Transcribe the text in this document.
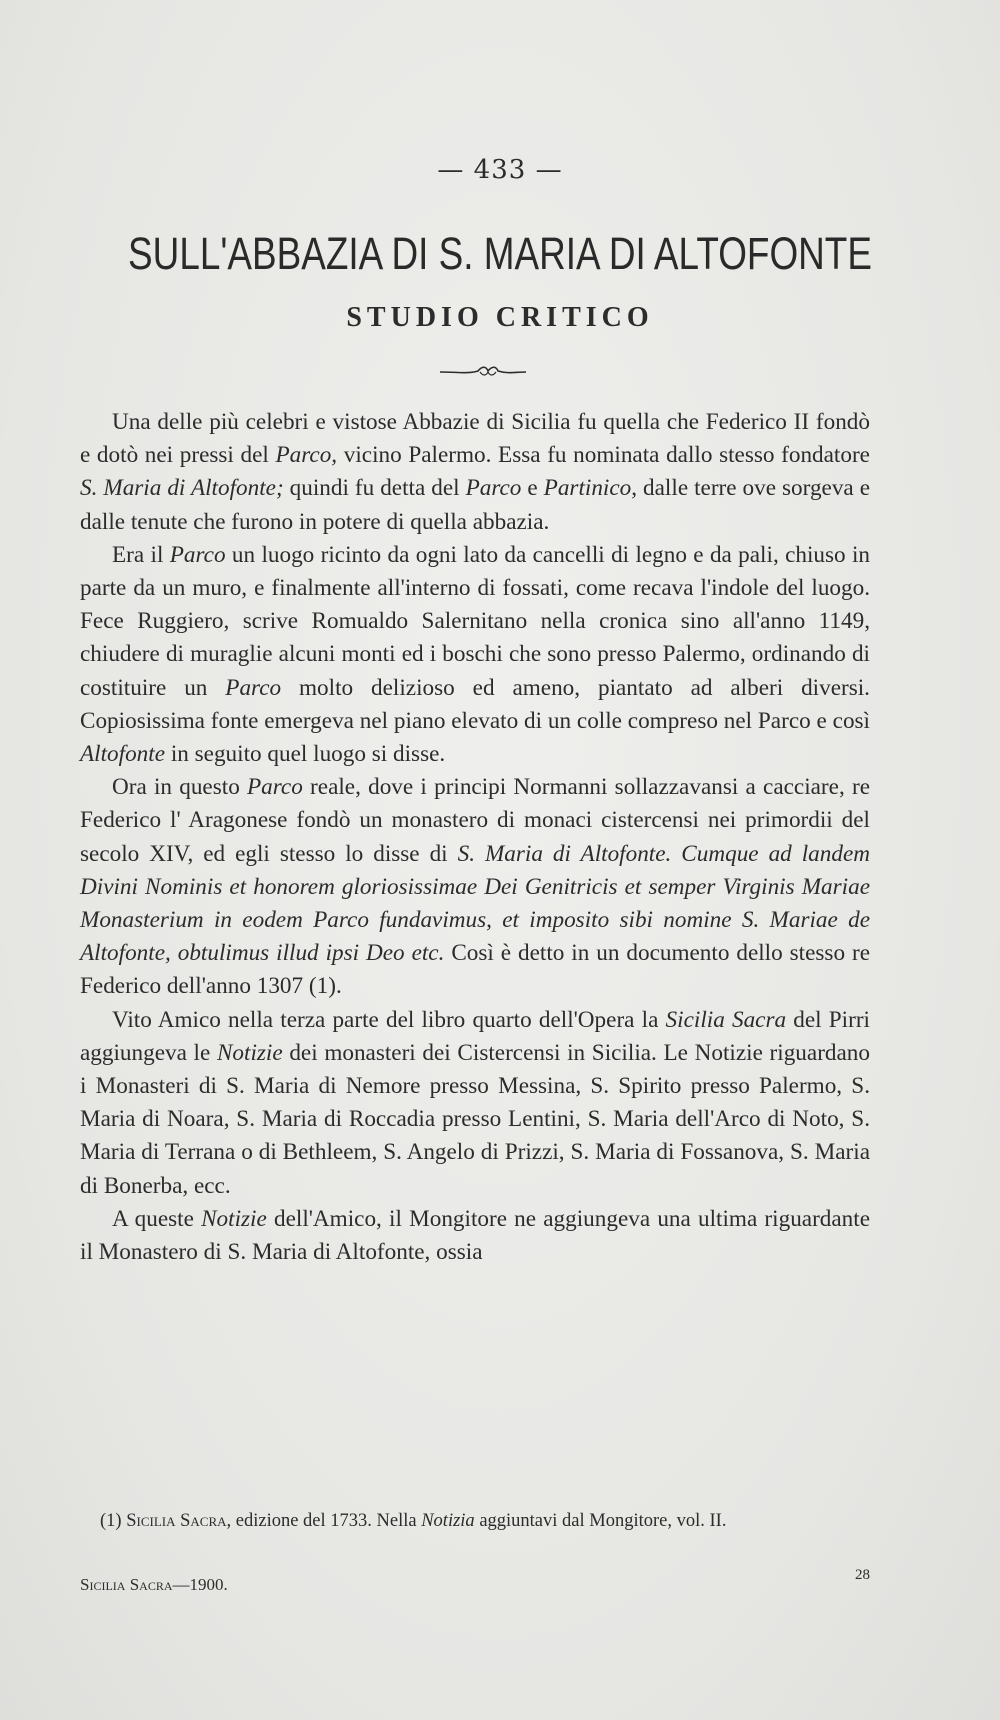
— 433 —
SULL'ABBAZIA DI S. MARIA DI ALTOFONTE
STUDIO CRITICO

Una delle più celebri e vistose Abbazie di Sicilia fu quella che Federico II fondò e dotò nei pressi del Parco, vicino Palermo. Essa fu nominata dallo stesso fondatore S. Maria di Altofonte; quindi fu detta del Parco e Partinico, dalle terre ove sorgeva e dalle tenute che furono in potere di quella abbazia.

Era il Parco un luogo ricinto da ogni lato da cancelli di legno e da pali, chiuso in parte da un muro, e finalmente all'interno di fossati, come recava l'indole del luogo. Fece Ruggiero, scrive Romualdo Salernitano nella cronica sino all'anno 1149, chiudere di muraglie alcuni monti ed i boschi che sono presso Palermo, ordinando di costituire un Parco molto delizioso ed ameno, piantato ad alberi diversi. Copiosissima fonte emergeva nel piano elevato di un colle compreso nel Parco e così Altofonte in seguito quel luogo si disse.

Ora in questo Parco reale, dove i principi Normanni sollazzavansi a cacciare, re Federico l' Aragonese fondò un monastero di monaci cistercensi nei primordii del secolo XIV, ed egli stesso lo disse di S. Maria di Altofonte. Cumque ad landem Divini Nominis et honorem gloriosissimae Dei Genitricis et semper Virginis Mariae Monasterium in eodem Parco fundavimus, et imposito sibi nomine S. Mariae de Altofonte, obtulimus illud ipsi Deo etc. Così è detto in un documento dello stesso re Federico dell'anno 1307 (1).

Vito Amico nella terza parte del libro quarto dell'Opera la Sicilia Sacra del Pirri aggiungeva le Notizie dei monasteri dei Cistercensi in Sicilia. Le Notizie riguardano i Monasteri di S. Maria di Nemore presso Messina, S. Spirito presso Palermo, S. Maria di Noara, S. Maria di Roccadia presso Lentini, S. Maria dell'Arco di Noto, S. Maria di Terrana o di Bethleem, S. Angelo di Prizzi, S. Maria di Fossanova, S. Maria di Bonerba, ecc.

A queste Notizie dell'Amico, il Mongitore ne aggiungeva una ultima riguardante il Monastero di S. Maria di Altofonte, ossia

(1) Sicilia Sacra, edizione del 1733. Nella Notizia aggiuntavi dal Mongitore, vol. II.
Sicilia Sacra—1900.	28
